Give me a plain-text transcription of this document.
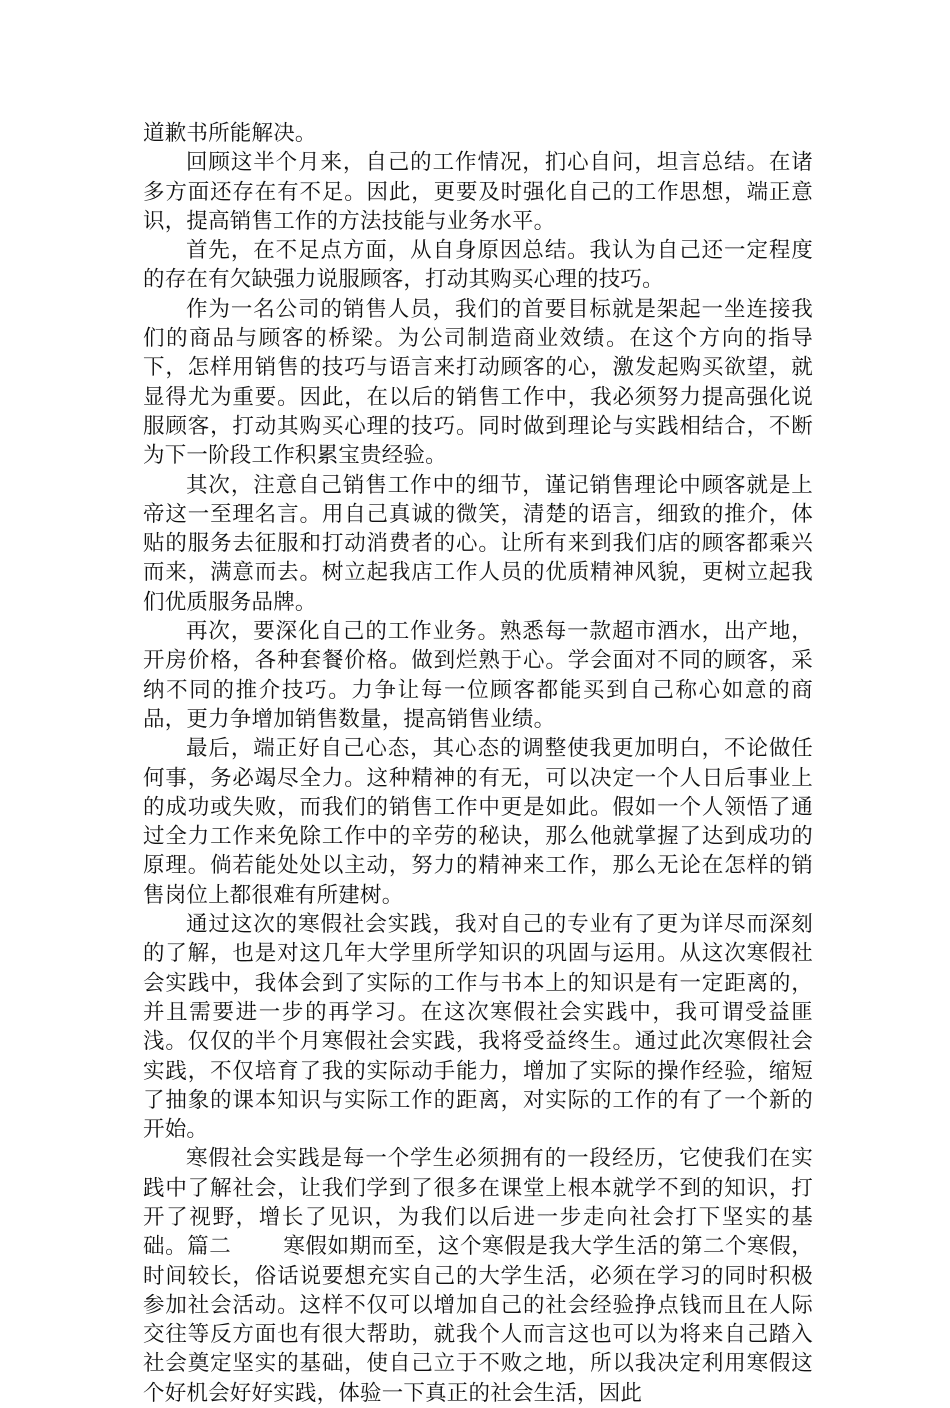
道歉书所能解决。

回顾这半个月来，自己的工作情况，扪心自问，坦言总结。在诸多方面还存在有不足。因此，更要及时强化自己的工作思想，端正意识，提高销售工作的方法技能与业务水平。

首先，在不足点方面，从自身原因总结。我认为自己还一定程度的存在有欠缺强力说服顾客，打动其购买心理的技巧。

作为一名公司的销售人员，我们的首要目标就是架起一坐连接我们的商品与顾客的桥梁。为公司制造商业效绩。在这个方向的指导下，怎样用销售的技巧与语言来打动顾客的心，激发起购买欲望，就显得尤为重要。因此，在以后的销售工作中，我必须努力提高强化说服顾客，打动其购买心理的技巧。同时做到理论与实践相结合，不断为下一阶段工作积累宝贵经验。

其次，注意自己销售工作中的细节，谨记销售理论中顾客就是上帝这一至理名言。用自己真诚的微笑，清楚的语言，细致的推介，体贴的服务去征服和打动消费者的心。让所有来到我们店的顾客都乘兴而来，满意而去。树立起我店工作人员的优质精神风貌，更树立起我们优质服务品牌。

再次，要深化自己的工作业务。熟悉每一款超市酒水，出产地，开房价格，各种套餐价格。做到烂熟于心。学会面对不同的顾客，采纳不同的推介技巧。力争让每一位顾客都能买到自己称心如意的商品，更力争增加销售数量，提高销售业绩。

最后，端正好自己心态，其心态的调整使我更加明白，不论做任何事，务必竭尽全力。这种精神的有无，可以决定一个人日后事业上的成功或失败，而我们的销售工作中更是如此。假如一个人领悟了通过全力工作来免除工作中的辛劳的秘诀，那么他就掌握了达到成功的原理。倘若能处处以主动，努力的精神来工作，那么无论在怎样的销售岗位上都很难有所建树。

通过这次的寒假社会实践，我对自己的专业有了更为详尽而深刻的了解，也是对这几年大学里所学知识的巩固与运用。从这次寒假社会实践中，我体会到了实际的工作与书本上的知识是有一定距离的，并且需要进一步的再学习。在这次寒假社会实践中，我可谓受益匪浅。仅仅的半个月寒假社会实践，我将受益终生。通过此次寒假社会实践，不仅培育了我的实际动手能力，增加了实际的操作经验，缩短了抽象的课本知识与实际工作的距离，对实际的工作的有了一个新的开始。

寒假社会实践是每一个学生必须拥有的一段经历，它使我们在实践中了解社会，让我们学到了很多在课堂上根本就学不到的知识，打开了视野，增长了见识，为我们以后进一步走向社会打下坚实的基础。篇二 寒假如期而至，这个寒假是我大学生活的第二个寒假，时间较长，俗话说要想充实自己的大学生活，必须在学习的同时积极参加社会活动。这样不仅可以增加自己的社会经验挣点钱而且在人际交往等反方面也有很大帮助，就我个人而言这也可以为将来自己踏入社会奠定坚实的基础，使自己立于不败之地，所以我决定利用寒假这个好机会好好实践，体验一下真正的社会生活，因此
